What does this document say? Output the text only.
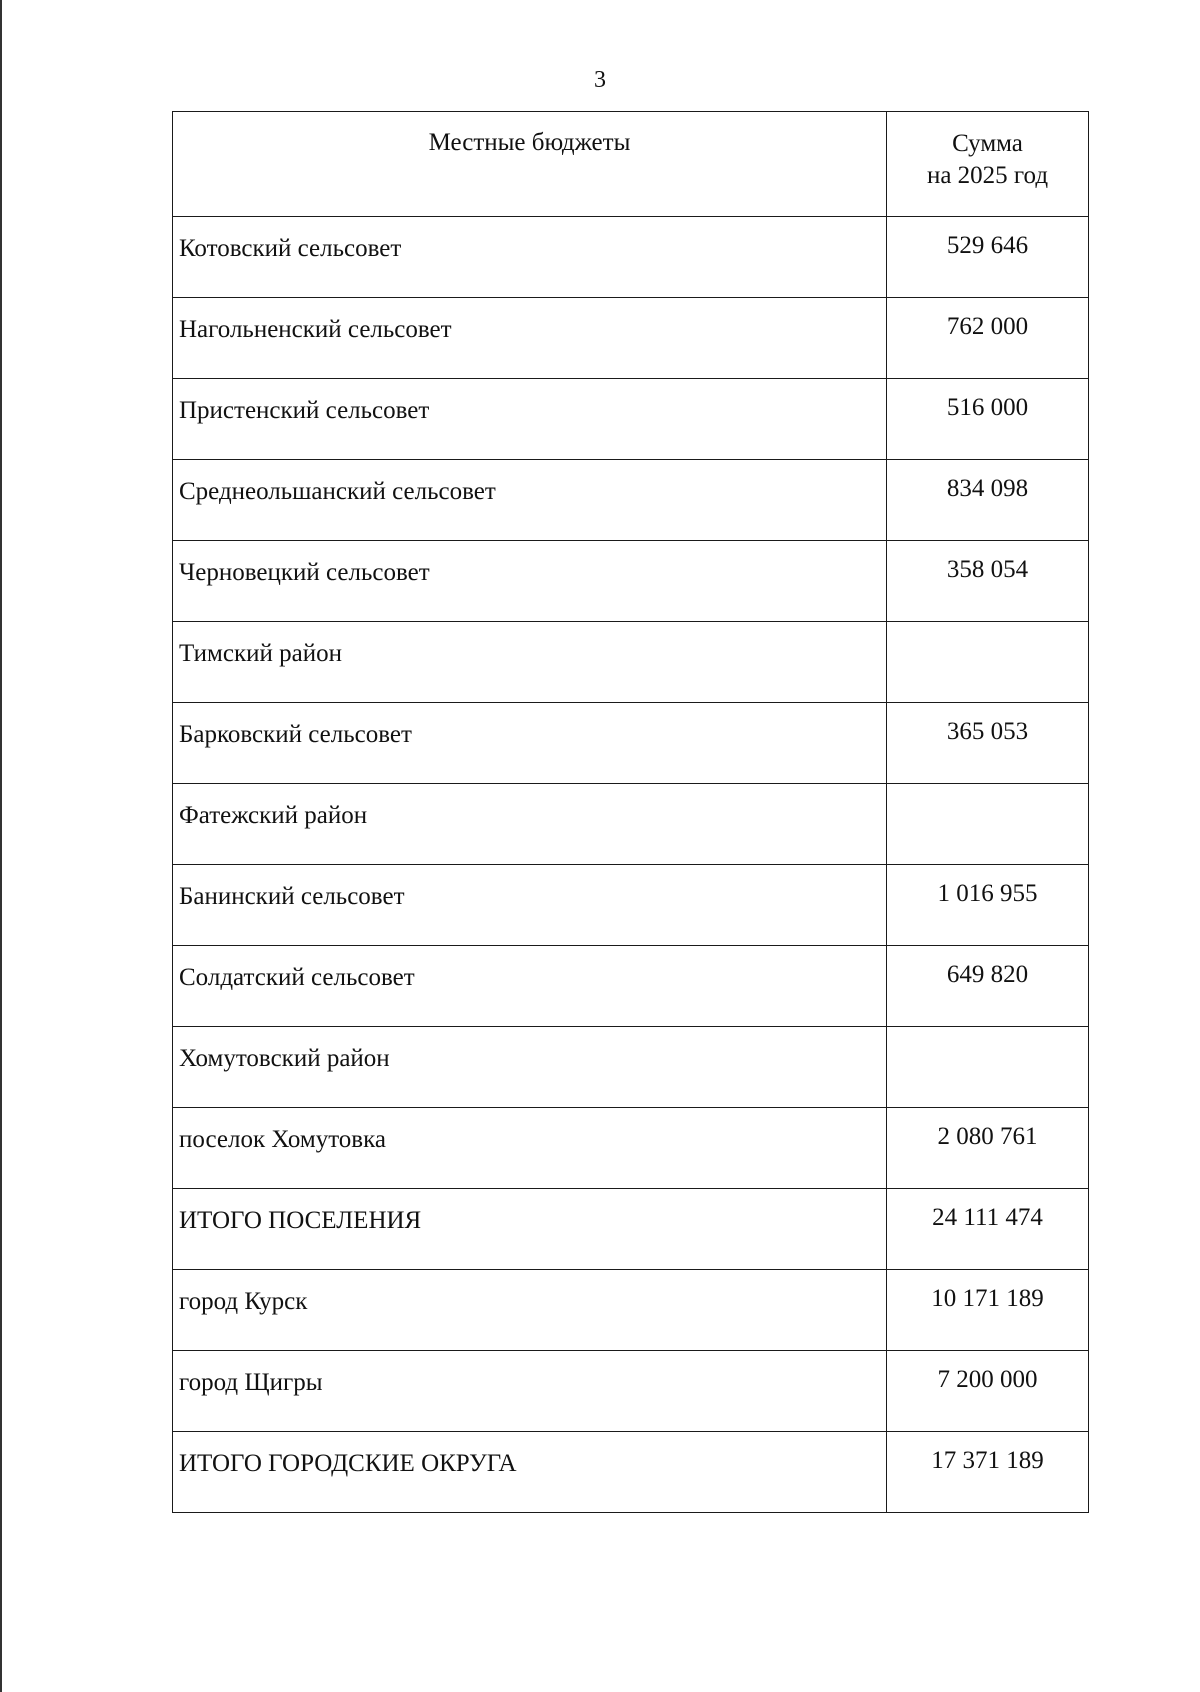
3
Местные бюджеты	Сумма
на 2025 год

Котовский сельсовет	529 646
Нагольненский сельсовет	762 000
Пристенский сельсовет	516 000
Среднеольшанский сельсовет	834 098
Черновецкий сельсовет	358 054
Тимский район	
Барковский сельсовет	365 053
Фатежский район	
Банинский сельсовет	1 016 955
Солдатский сельсовет	649 820
Хомутовский район	
поселок Хомутовка	2 080 761
ИТОГО ПОСЕЛЕНИЯ	24 111 474
город Курск	10 171 189
город Щигры	7 200 000
ИТОГО ГОРОДСКИЕ ОКРУГА	17 371 189
